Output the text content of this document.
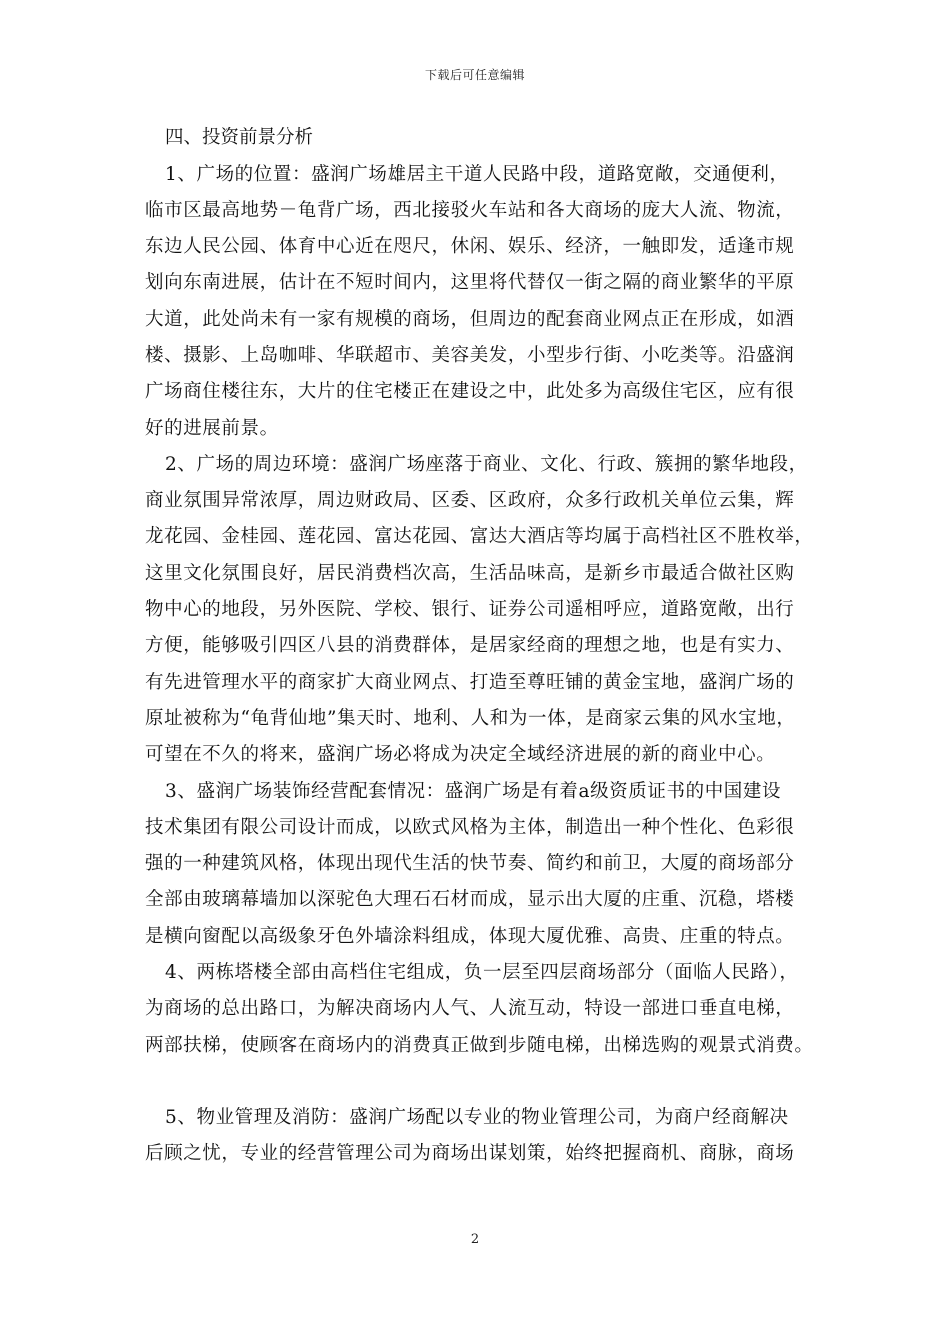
下载后可任意编辑

四、投资前景分析

1、广场的位置：盛润广场雄居主干道人民路中段，道路宽敞，交通便利，
临市区最高地势－龟背广场，西北接驳火车站和各大商场的庞大人流、物流，
东边人民公园、体育中心近在咫尺，休闲、娱乐、经济，一触即发，适逢市规
划向东南进展，估计在不短时间内，这里将代替仅一街之隔的商业繁华的平原
大道，此处尚未有一家有规模的商场，但周边的配套商业网点正在形成，如酒
楼、摄影、上岛咖啡、华联超市、美容美发，小型步行街、小吃类等。沿盛润
广场商住楼往东，大片的住宅楼正在建设之中，此处多为高级住宅区，应有很
好的进展前景。

2、广场的周边环境：盛润广场座落于商业、文化、行政、簇拥的繁华地段，
商业氛围异常浓厚，周边财政局、区委、区政府，众多行政机关单位云集，辉
龙花园、金桂园、莲花园、富达花园、富达大酒店等均属于高档社区不胜枚举，
这里文化氛围良好，居民消费档次高，生活品味高，是新乡市最适合做社区购
物中心的地段，另外医院、学校、银行、证券公司遥相呼应，道路宽敞，出行
方便，能够吸引四区八县的消费群体，是居家经商的理想之地，也是有实力、
有先进管理水平的商家扩大商业网点、打造至尊旺铺的黄金宝地，盛润广场的
原址被称为“龟背仙地”集天时、地利、人和为一体，是商家云集的风水宝地，
可望在不久的将来，盛润广场必将成为决定全域经济进展的新的商业中心。

3、盛润广场装饰经营配套情况：盛润广场是有着a级资质证书的中国建设
技术集团有限公司设计而成，以欧式风格为主体，制造出一种个性化、色彩很
强的一种建筑风格，体现出现代生活的快节奏、简约和前卫，大厦的商场部分
全部由玻璃幕墙加以深驼色大理石石材而成，显示出大厦的庄重、沉稳，塔楼
是横向窗配以高级象牙色外墙涂料组成，体现大厦优雅、高贵、庄重的特点。

4、两栋塔楼全部由高档住宅组成，负一层至四层商场部分（面临人民路），
为商场的总出路口，为解决商场内人气、人流互动，特设一部进口垂直电梯，
两部扶梯，使顾客在商场内的消费真正做到步随电梯，出梯选购的观景式消费。

5、物业管理及消防：盛润广场配以专业的物业管理公司，为商户经商解决
后顾之忧，专业的经营管理公司为商场出谋划策，始终把握商机、商脉，商场

2
